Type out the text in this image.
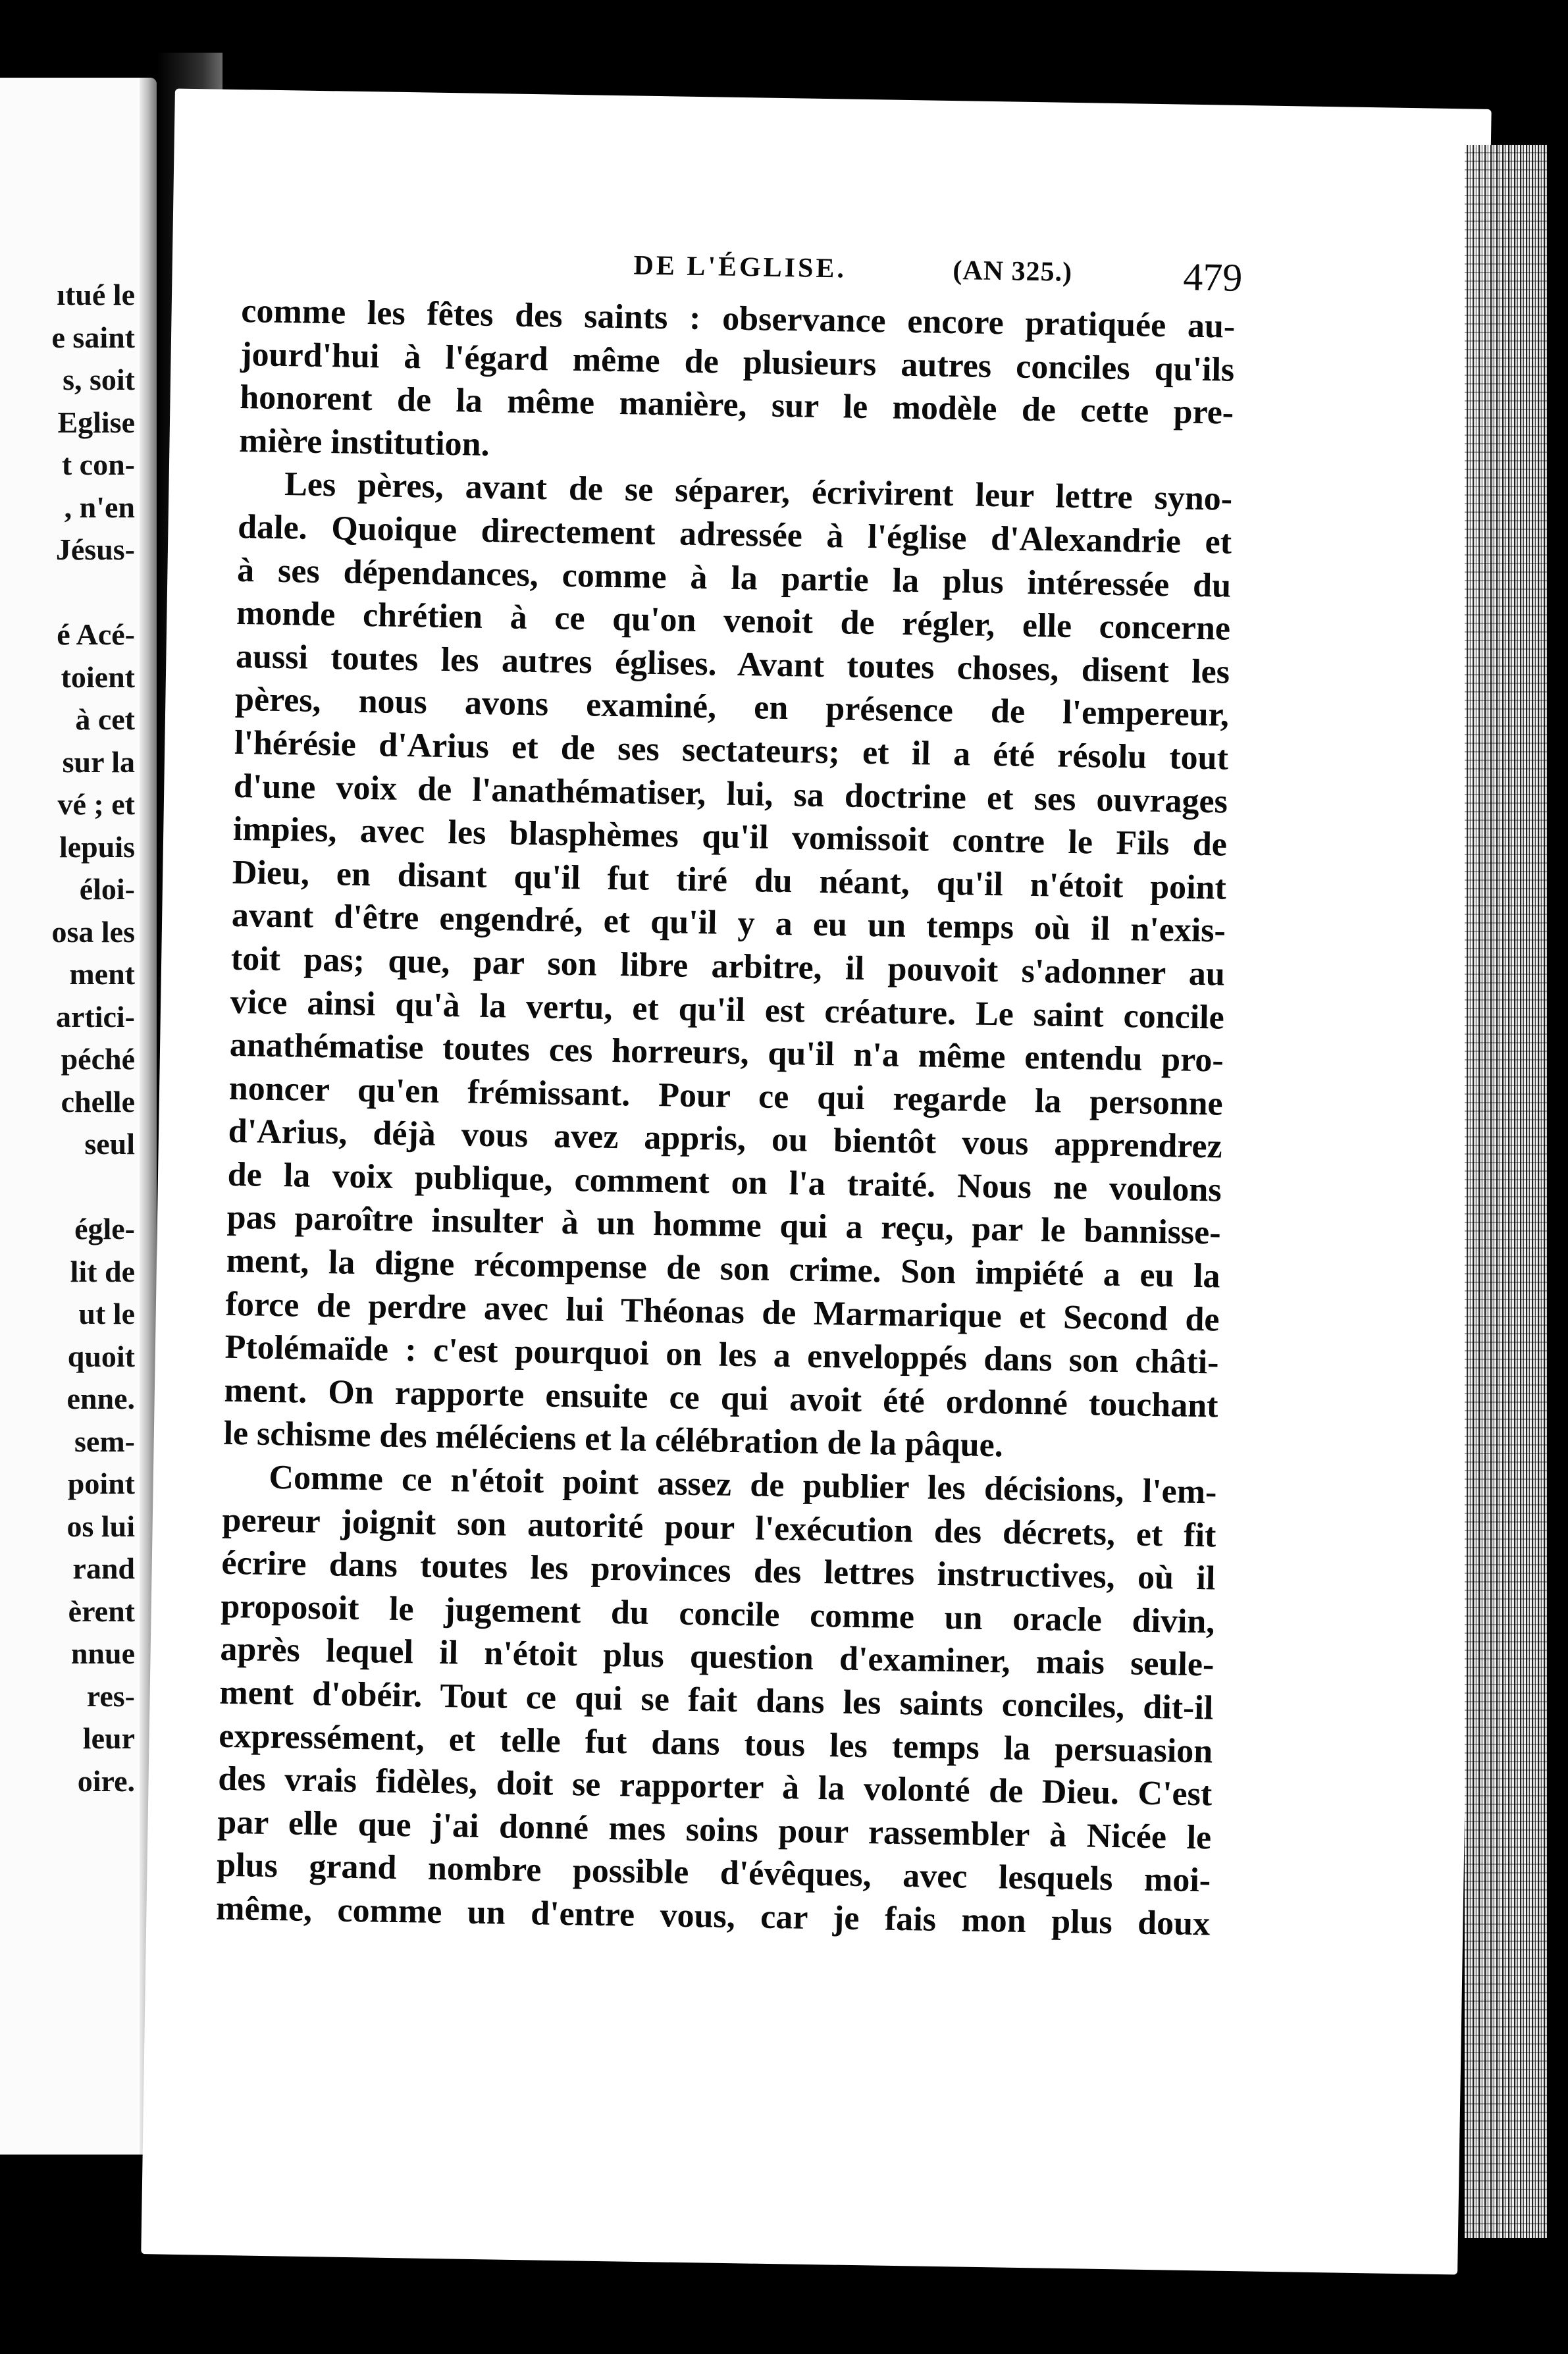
ıtué le
e saint
s, soit
Eglise
t con-
, n'en
Jésus-
é Acé-
toient
à cet
sur la
vé ; et
lepuis
éloi-
osa les
ment
artici-
péché
chelle
seul
égle-
lit de
ut le
quoit
enne.
sem-
point
os lui
rand
èrent
nnue
res-
leur
oire.
DE L'ÉGLISE.	(AN 325.)	479
comme les fêtes des saints : observance encore pratiquée au-
jourd'hui à l'égard même de plusieurs autres conciles qu'ils
honorent de la même manière, sur le modèle de cette pre-
mière institution.
Les pères, avant de se séparer, écrivirent leur lettre syno-
dale. Quoique directement adressée à l'église d'Alexandrie et
à ses dépendances, comme à la partie la plus intéressée du
monde chrétien à ce qu'on venoit de régler, elle concerne
aussi toutes les autres églises. Avant toutes choses, disent les
pères, nous avons examiné, en présence de l'empereur,
l'hérésie d'Arius et de ses sectateurs; et il a été résolu tout
d'une voix de l'anathématiser, lui, sa doctrine et ses ouvrages
impies, avec les blasphèmes qu'il vomissoit contre le Fils de
Dieu, en disant qu'il fut tiré du néant, qu'il n'étoit point
avant d'être engendré, et qu'il y a eu un temps où il n'exis-
toit pas; que, par son libre arbitre, il pouvoit s'adonner au
vice ainsi qu'à la vertu, et qu'il est créature. Le saint concile
anathématise toutes ces horreurs, qu'il n'a même entendu pro-
noncer qu'en frémissant. Pour ce qui regarde la personne
d'Arius, déjà vous avez appris, ou bientôt vous apprendrez
de la voix publique, comment on l'a traité. Nous ne voulons
pas paroître insulter à un homme qui a reçu, par le bannisse-
ment, la digne récompense de son crime. Son impiété a eu la
force de perdre avec lui Théonas de Marmarique et Second de
Ptolémaïde : c'est pourquoi on les a enveloppés dans son châti-
ment. On rapporte ensuite ce qui avoit été ordonné touchant
le schisme des méléciens et la célébration de la pâque.
Comme ce n'étoit point assez de publier les décisions, l'em-
pereur joignit son autorité pour l'exécution des décrets, et fit
écrire dans toutes les provinces des lettres instructives, où il
proposoit le jugement du concile comme un oracle divin,
après lequel il n'étoit plus question d'examiner, mais seule-
ment d'obéir. Tout ce qui se fait dans les saints conciles, dit-il
expressément, et telle fut dans tous les temps la persuasion
des vrais fidèles, doit se rapporter à la volonté de Dieu. C'est
par elle que j'ai donné mes soins pour rassembler à Nicée le
plus grand nombre possible d'évêques, avec lesquels moi-
même, comme un d'entre vous, car je fais mon plus doux
